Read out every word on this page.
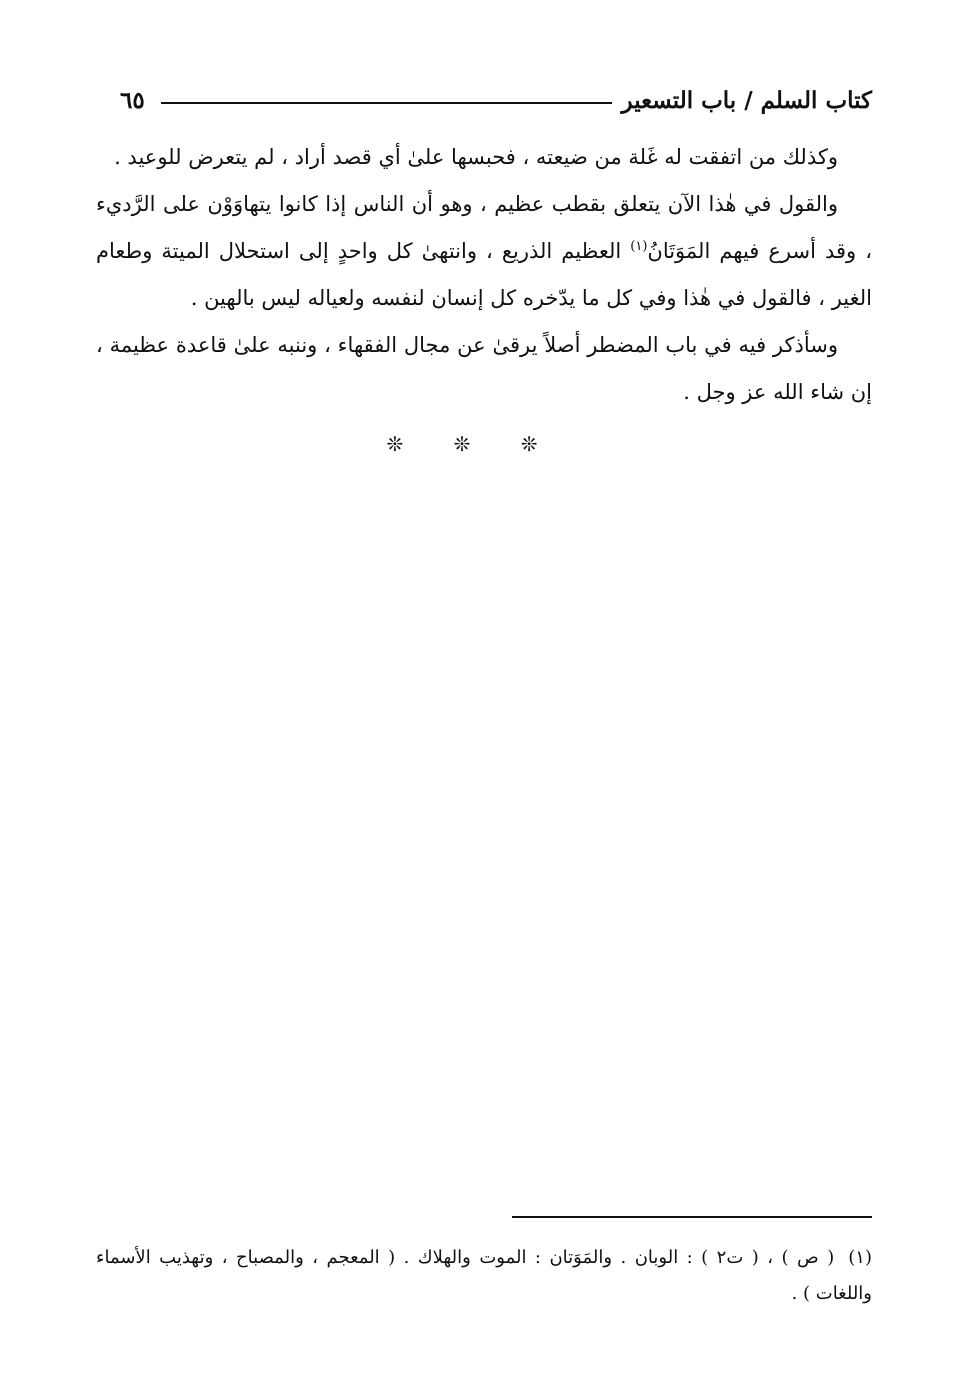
كتاب السلم / باب التسعير
٦٥

وكذلك من اتفقت له غَلة من ضيعته ، فحبسها علىٰ أي قصد أراد ، لم يتعرض للوعيد .

والقول في هٰذا الآن يتعلق بقطب عظيم ، وهو أن الناس إذا كانوا يتهاوَوْن على الرَّديء ، وقد أسرع فيهم المَوَتَانُ$^{(١)}$ العظيم الذريع ، وانتهىٰ كل واحدٍ إلى استحلال الميتة وطعام الغير ، فالقول في هٰذا وفي كل ما يدّخره كل إنسان لنفسه ولعياله ليس بالهين .

وسأذكر فيه في باب المضطر أصلاً يرقىٰ عن مجال الفقهاء ، وننبه علىٰ قاعدة عظيمة ، إن شاء الله عز وجل .

❊ ❊ ❊
(١)( ص ) ، ( ت٢ ) : الوبان . والمَوَتان : الموت والهلاك . ( المعجم ، والمصباح ، وتهذيب الأسماء واللغات ) .
